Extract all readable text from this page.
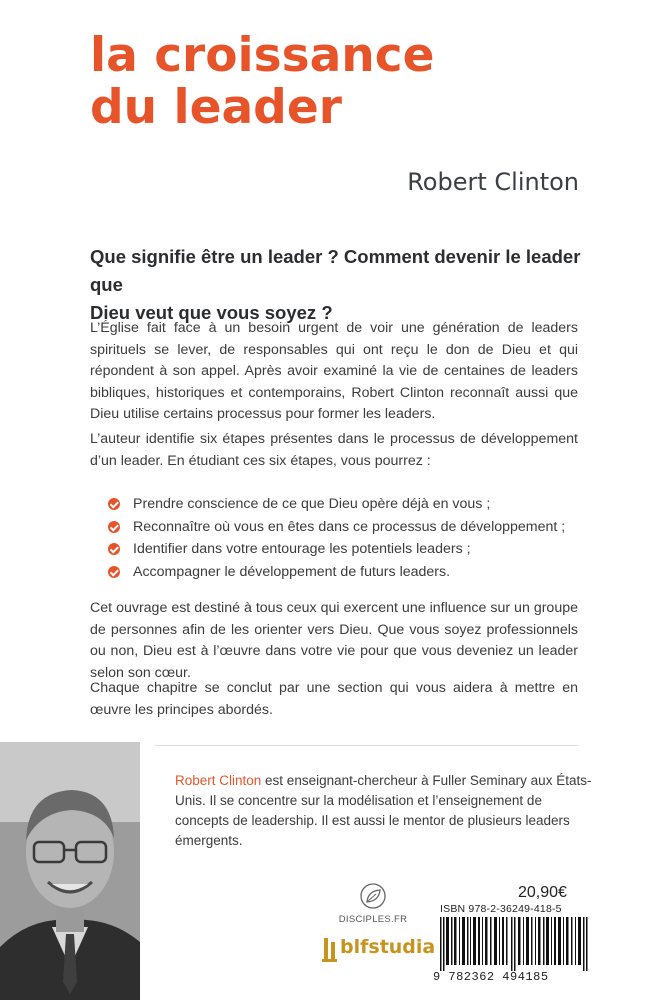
la croissance
du leader
Robert Clinton
Que signifie être un leader ? Comment devenir le leader que
Dieu veut que vous soyez ?

L’Église fait face à un besoin urgent de voir une génération de leaders spirituels se lever, de responsables qui ont reçu le don de Dieu et qui répondent à son appel. Après avoir examiné la vie de centaines de leaders bibliques, historiques et contemporains, Robert Clinton reconnaît aussi que Dieu utilise certains processus pour former les leaders.

L’auteur identifie six étapes présentes dans le processus de développement d’un leader. En étudiant ces six étapes, vous pourrez :

Prendre conscience de ce que Dieu opère déjà en vous ;
Reconnaître où vous en êtes dans ce processus de développement ;
Identifier dans votre entourage les potentiels leaders ;
Accompagner le développement de futurs leaders.

Cet ouvrage est destiné à tous ceux qui exercent une influence sur un groupe de personnes afin de les orienter vers Dieu. Que vous soyez professionnels ou non, Dieu est à l’œuvre dans votre vie pour que vous deveniez un leader selon son cœur.

Chaque chapitre se conclut par une section qui vous aidera à mettre en œuvre les principes abordés.

Robert Clinton est enseignant-chercheur à Fuller Seminary aux États-Unis. Il se concentre sur la modélisation et l’enseignement de concepts de leadership. Il est aussi le mentor de plusieurs leaders émergents.
DISCIPLES.FR
blfstudia
20,90€
ISBN 978-2-36249-418-5
9 782362 494185
